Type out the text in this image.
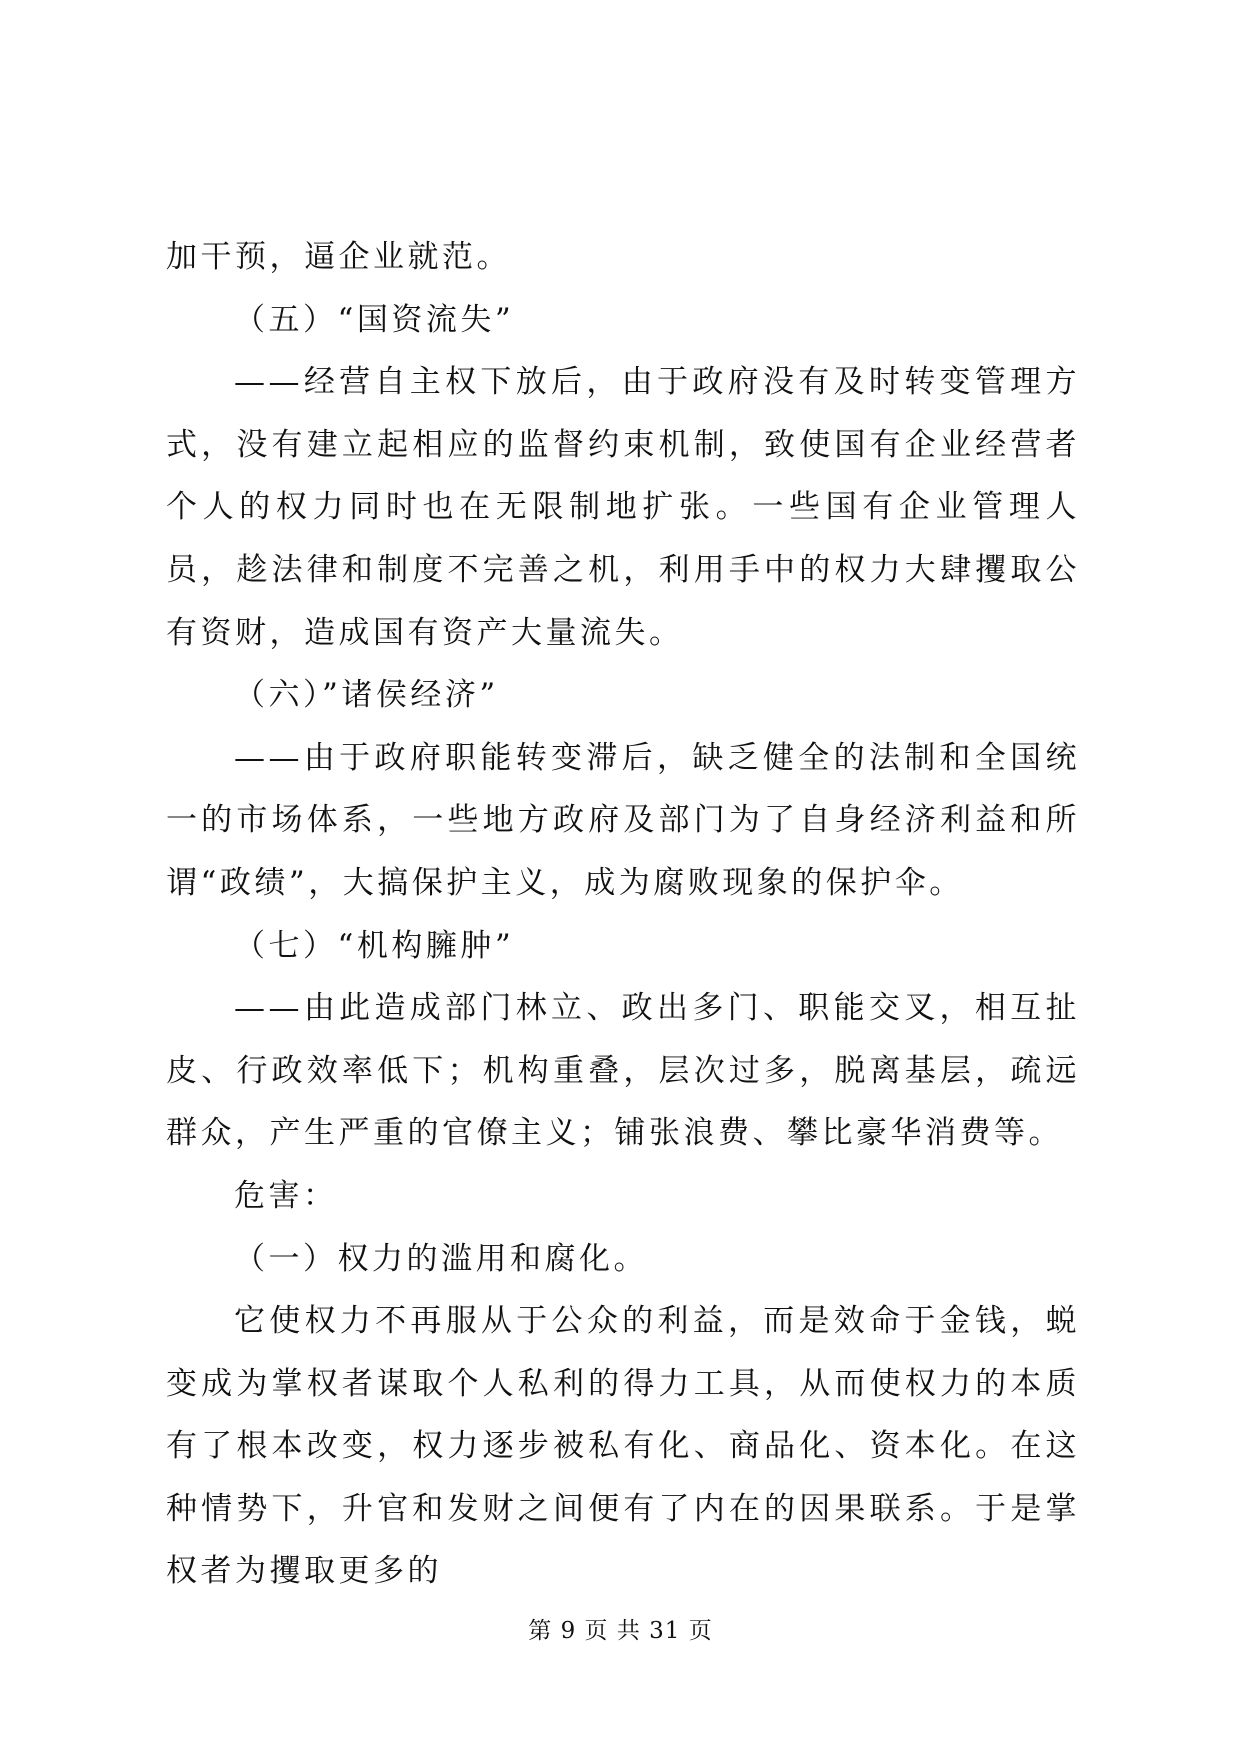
加干预，逼企业就范。

（五）“国资流失”

——经营自主权下放后，由于政府没有及时转变管理方式，没有建立起相应的监督约束机制，致使国有企业经营者个人的权力同时也在无限制地扩张。一些国有企业管理人员，趁法律和制度不完善之机，利用手中的权力大肆攫取公有资财，造成国有资产大量流失。

（六）”诸侯经济”

——由于政府职能转变滞后，缺乏健全的法制和全国统一的市场体系，一些地方政府及部门为了自身经济利益和所谓“政绩”，大搞保护主义，成为腐败现象的保护伞。

（七）“机构臃肿”

——由此造成部门林立、政出多门、职能交叉，相互扯皮、行政效率低下；机构重叠，层次过多，脱离基层，疏远群众，产生严重的官僚主义；铺张浪费、攀比豪华消费等。

危害：

（一）权力的滥用和腐化。

它使权力不再服从于公众的利益，而是效命于金钱，蜕变成为掌权者谋取个人私利的得力工具，从而使权力的本质有了根本改变，权力逐步被私有化、商品化、资本化。在这种情势下，升官和发财之间便有了内在的因果联系。于是掌权者为攫取更多的

第 9 页 共 31 页
